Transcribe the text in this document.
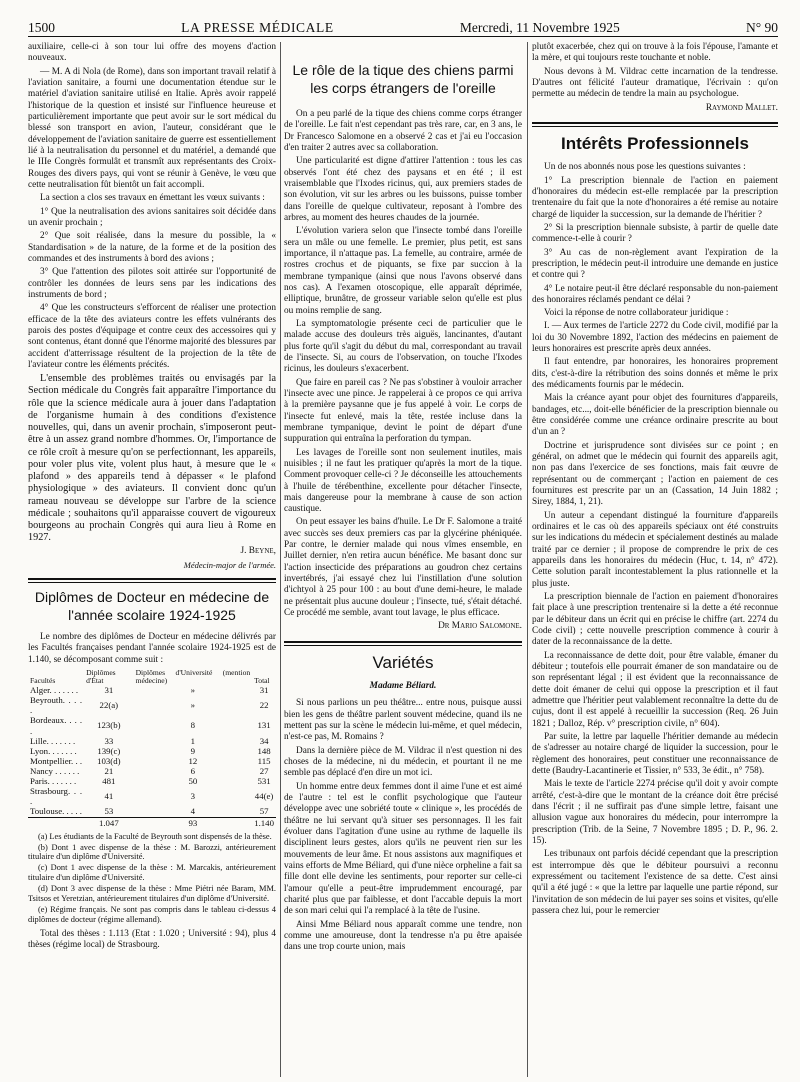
1500	LA PRESSE MÉDICALE	Mercredi, 11 Novembre 1925	N° 90

auxiliaire, celle-ci à son tour lui offre des moyens d'action nouveaux.

— M. A di Nola (de Rome), dans son important travail relatif à l'aviation sanitaire, a fourni une documentation étendue sur le matériel d'aviation sanitaire utilisé en Italie. Après avoir rappelé l'historique de la question et insisté sur l'influence heureuse et particulièrement importante que peut avoir sur le sort médical du blessé son transport en avion, l'auteur, considérant que le développement de l'aviation sanitaire de guerre est essentiellement lié à la neutralisation du personnel et du matériel, a demandé que le IIIe Congrès formulât et transmît aux représentants des Croix-Rouges des divers pays, qui vont se réunir à Genève, le vœu que cette neutralisation fût bientôt un fait accompli.

La section a clos ses travaux en émettant les vœux suivants :

1° Que la neutralisation des avions sanitaires soit décidée dans un avenir prochain ;

2° Que soit réalisée, dans la mesure du possible, la « Standardisation » de la nature, de la forme et de la position des commandes et des instruments à bord des avions ;

3° Que l'attention des pilotes soit attirée sur l'opportunité de contrôler les données de leurs sens par les indications des instruments de bord ;

4° Que les constructeurs s'efforcent de réaliser une protection efficace de la tête des aviateurs contre les effets vulnérants des parois des postes d'équipage et contre ceux des accessoires qui y sont contenus, étant donné que l'énorme majorité des blessures par accident d'atterrissage résultent de la projection de la tête de l'aviateur contre les éléments précités.

L'ensemble des problèmes traités ou envisagés par la Section médicale du Congrès fait apparaître l'importance du rôle que la science médicale aura à jouer dans l'adaptation de l'organisme humain à des conditions d'existence nouvelles, qui, dans un avenir prochain, s'imposeront peut-être à un assez grand nombre d'hommes. Or, l'importance de ce rôle croît à mesure qu'on se perfectionnant, les appareils, pour voler plus vite, volent plus haut, à mesure que le « plafond » des appareils tend à dépasser « le plafond physiologique » des aviateurs. Il convient donc qu'un rameau nouveau se développe sur l'arbre de la science médicale ; souhaitons qu'il apparaisse couvert de vigoureux bourgeons au prochain Congrès qui aura lieu à Rome en 1927.

J. Beyne,

Médecin-major de l'armée.

Diplômes de Docteur en médecine de l'année scolaire 1924-1925

Le nombre des diplômes de Docteur en médecine délivrés par les Facultés françaises pendant l'année scolaire 1924-1925 est de 1.140, se décomposant comme suit :

Facultés	Diplômes d'État	Diplômes d'Université (mention médecine)	Total
Alger. . . . . . .	31	»	31
Beyrouth. . . . .	22(a)	»	22
Bordeaux. . . . .	123(b)	8	131
Lille. . . . . . .	33	1	34
Lyon. . . . . . .	139(c)	9	148
Montpellier. . .	103(d)	12	115
Nancy . . . . . .	21	6	27
Paris. . . . . . .	481	50	531
Strasbourg. . . .	41	3	44(e)
Toulouse. . . . .	53	4	57
	1.047	93	1.140

(a) Les étudiants de la Faculté de Beyrouth sont dispensés de la thèse.

(b) Dont 1 avec dispense de la thèse : M. Barozzi, antérieurement titulaire d'un diplôme d'Université.

(c) Dont 1 avec dispense de la thèse : M. Marcakis, antérieurement titulaire d'un diplôme d'Université.

(d) Dont 3 avec dispense de la thèse : Mme Piétri née Baram, MM. Tsitsos et Yeretzian, antérieurement titulaires d'un diplôme d'Université.

(e) Régime français. Ne sont pas compris dans le tableau ci-dessus 4 diplômes de docteur (régime allemand).

Total des thèses : 1.113 (Etat : 1.020 ; Université : 94), plus 4 thèses (régime local) de Strasbourg.

Le rôle de la tique des chiens parmi les corps étrangers de l'oreille

On a peu parlé de la tique des chiens comme corps étranger de l'oreille. Le fait n'est cependant pas très rare, car, en 3 ans, le Dr Francesco Salomone en a observé 2 cas et j'ai eu l'occasion d'en traiter 2 autres avec sa collaboration.

Une particularité est digne d'attirer l'attention : tous les cas observés l'ont été chez des paysans et en été ; il est vraisemblable que l'Ixodes ricinus, qui, aux premiers stades de son évolution, vit sur les arbres ou les buissons, puisse tomber dans l'oreille de quelque cultivateur, reposant à l'ombre des arbres, au moment des heures chaudes de la journée.

L'évolution variera selon que l'insecte tombé dans l'oreille sera un mâle ou une femelle. Le premier, plus petit, est sans importance, il n'attaque pas. La femelle, au contraire, armée de rostres crochus et de piquants, se fixe par succion à la membrane tympanique (ainsi que nous l'avons observé dans nos cas). A l'examen otoscopique, elle apparaît déprimée, elliptique, brunâtre, de grosseur variable selon qu'elle est plus ou moins remplie de sang.

La symptomatologie présente ceci de particulier que le malade accuse des douleurs très aiguës, lancinantes, d'autant plus forte qu'il s'agit du début du mal, correspondant au travail de l'insecte. Si, au cours de l'observation, on touche l'Ixodes ricinus, les douleurs s'exacerbent.

Que faire en pareil cas ? Ne pas s'obstiner à vouloir arracher l'insecte avec une pince. Je rappelerai à ce propos ce qui arriva à la première paysanne que je fus appelé à voir. Le corps de l'insecte fut enlevé, mais la tête, restée incluse dans la membrane tympanique, devint le point de départ d'une suppuration qui entraîna la perforation du tympan.

Les lavages de l'oreille sont non seulement inutiles, mais nuisibles ; il ne faut les pratiquer qu'après la mort de la tique. Comment provoquer celle-ci ? Je déconseille les attouchements à l'huile de térébenthine, excellente pour détacher l'insecte, mais dangereuse pour la membrane à cause de son action caustique.

On peut essayer les bains d'huile. Le Dr F. Salomone a traité avec succès ses deux premiers cas par la glycérine phéniquée. Par contre, le dernier malade qui nous vîmes ensemble, en Juillet dernier, n'en retira aucun bénéfice. Me basant donc sur l'action insecticide des préparations au goudron chez certains invertébrés, j'ai essayé chez lui l'instillation d'une solution d'ichtyol à 25 pour 100 : au bout d'une demi-heure, le malade ne présentait plus aucune douleur ; l'insecte, tué, s'était détaché. Ce procédé me semble, avant tout lavage, le plus efficace.

Dr Mario Salomone.

Variétés

Madame Béliard.

Si nous parlions un peu théâtre... entre nous, puisque aussi bien les gens de théâtre parlent souvent médecine, quand ils ne mettent pas sur la scène le médecin lui-même, et quel médecin, n'est-ce pas, M. Romains ?

Dans la dernière pièce de M. Vildrac il n'est question ni des choses de la médecine, ni du médecin, et pourtant il ne me semble pas déplacé d'en dire un mot ici.

Un homme entre deux femmes dont il aime l'une et est aimé de l'autre : tel est le conflit psychologique que l'auteur développe avec une sobriété toute « clinique », les procédés de théâtre ne lui servant qu'à situer ses personnages. Il les fait évoluer dans l'agitation d'une usine au rythme de laquelle ils disciplinent leurs gestes, alors qu'ils ne peuvent rien sur les mouvements de leur âme. Et nous assistons aux magnifiques et vains efforts de Mme Béliard, qui d'une nièce orpheline a fait sa fille dont elle devine les sentiments, pour reporter sur celle-ci l'amour qu'elle a peut-être imprudemment encouragé, par charité plus que par faiblesse, et dont l'accable depuis la mort de son mari celui qui l'a remplacé à la tête de l'usine.

Ainsi Mme Béliard nous apparaît comme une tendre, non comme une amoureuse, dont la tendresse n'a pu être apaisée dans une trop courte union, mais

plutôt exacerbée, chez qui on trouve à la fois l'épouse, l'amante et la mère, et qui toujours reste touchante et noble.

Nous devons à M. Vildrac cette incarnation de la tendresse. D'autres ont félicité l'auteur dramatique, l'écrivain : qu'on permette au médecin de tendre la main au psychologue.

Raymond Mallet.

Intérêts Professionnels

Un de nos abonnés nous pose les questions suivantes :

1° La prescription biennale de l'action en paiement d'honoraires du médecin est-elle remplacée par la prescription trentenaire du fait que la note d'honoraires a été remise au notaire chargé de liquider la succession, sur la demande de l'héritier ?

2° Si la prescription biennale subsiste, à partir de quelle date commence-t-elle à courir ?

3° Au cas de non-règlement avant l'expiration de la prescription, le médecin peut-il introduire une demande en justice et contre qui ?

4° Le notaire peut-il être déclaré responsable du non-paiement des honoraires réclamés pendant ce délai ?

Voici la réponse de notre collaborateur juridique :

I. — Aux termes de l'article 2272 du Code civil, modifié par la loi du 30 Novembre 1892, l'action des médecins en paiement de leurs honoraires est prescrite après deux années.

Il faut entendre, par honoraires, les honoraires proprement dits, c'est-à-dire la rétribution des soins donnés et même le prix des médicaments fournis par le médecin.

Mais la créance ayant pour objet des fournitures d'appareils, bandages, etc..., doit-elle bénéficier de la prescription biennale ou être considérée comme une créance ordinaire prescrite au bout d'un an ?

Doctrine et jurisprudence sont divisées sur ce point ; en général, on admet que le médecin qui fournit des appareils agit, non pas dans l'exercice de ses fonctions, mais fait œuvre de représentant ou de commerçant ; l'action en paiement de ces fournitures est prescrite par un an (Cassation, 14 Juin 1882 ; Sirey, 1884, 1, 21).

Un auteur a cependant distingué la fourniture d'appareils ordinaires et le cas où des appareils spéciaux ont été construits sur les indications du médecin et spécialement destinés au malade traité par ce dernier ; il propose de comprendre le prix de ces appareils dans les honoraires du médecin (Huc, t. 14, n° 472). Cette solution paraît incontestablement la plus rationnelle et la plus juste.

La prescription biennale de l'action en paiement d'honoraires fait place à une prescription trentenaire si la dette a été reconnue par le débiteur dans un écrit qui en précise le chiffre (art. 2274 du Code civil) ; cette nouvelle prescription commence à courir à dater de la reconnaissance de la dette.

La reconnaissance de dette doit, pour être valable, émaner du débiteur ; toutefois elle pourrait émaner de son mandataire ou de son représentant légal ; il est évident que la reconnaissance de dette doit émaner de celui qui oppose la prescription et il faut admettre que l'héritier peut valablement reconnaître la dette du de cujus, dont il est appelé à recueillir la succession (Req. 26 Juin 1821 ; Dalloz, Rép. v° prescription civile, n° 604).

Par suite, la lettre par laquelle l'héritier demande au médecin de s'adresser au notaire chargé de liquider la succession, pour le règlement des honoraires, peut constituer une reconnaissance de dette (Baudry-Lacantinerie et Tissier, n° 533, 3e édit., n° 758).

Mais le texte de l'article 2274 précise qu'il doit y avoir compte arrêté, c'est-à-dire que le montant de la créance doit être précisé dans l'écrit ; il ne suffirait pas d'une simple lettre, faisant une allusion vague aux honoraires du médecin, pour interrompre la prescription (Trib. de la Seine, 7 Novembre 1895 ; D. P., 96. 2. 15).

Les tribunaux ont parfois décidé cependant que la prescription est interrompue dès que le débiteur poursuivi a reconnu expressément ou tacitement l'existence de sa dette. C'est ainsi qu'il a été jugé : « que la lettre par laquelle une partie répond, sur l'invitation de son médecin de lui payer ses soins et visites, qu'elle passera chez lui, pour le remercier
